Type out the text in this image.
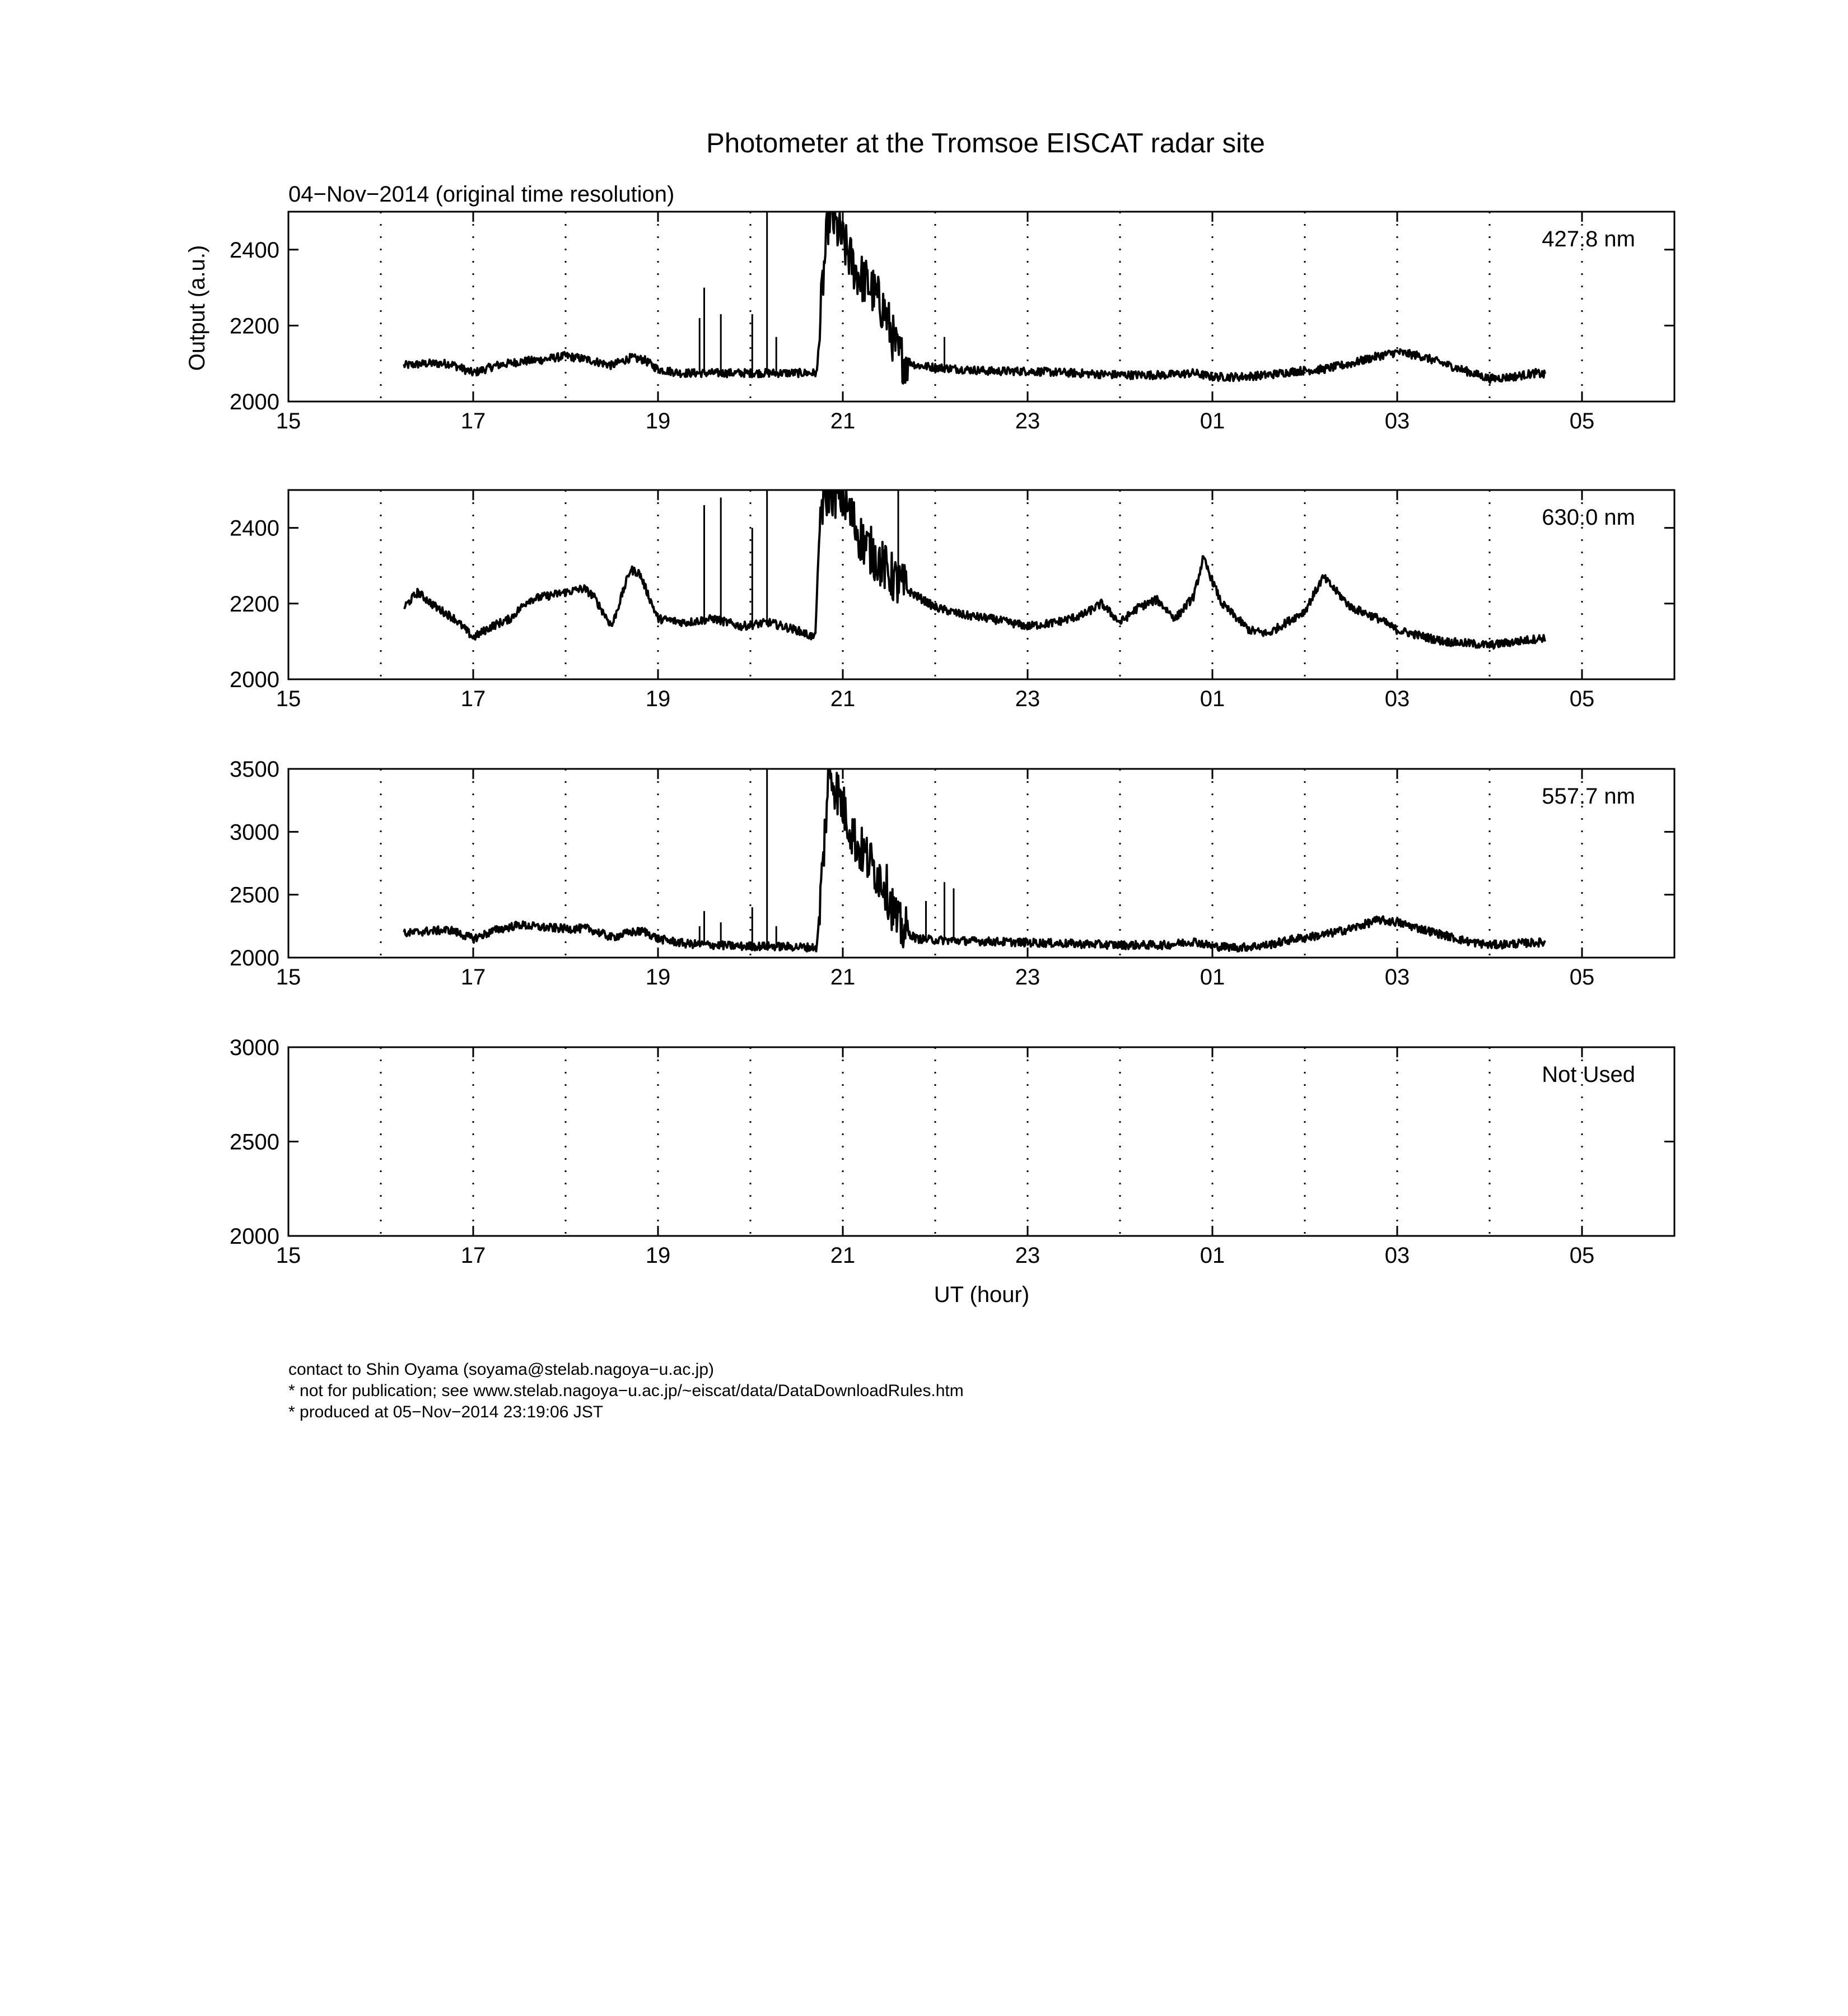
Photometer at the Tromsoe EISCAT radar site
04−Nov−2014 (original time resolution)
Output (a.u.)
15	17	19	21	23	01	03	05
2000
2200
2400	427.8 nm
15	17	19	21	23	01	03	05
2000
2200
2400	630.0 nm
15	17	19	21	23	01	03	05
2000
2500
3000
3500
557.7 nm
15	17	19	21	23	01	03	05
2000
2500
3000
Not Used
UT (hour)
contact to Shin Oyama (soyama@stelab.nagoya−u.ac.jp)
* not for publication; see www.stelab.nagoya−u.ac.jp/~eiscat/data/DataDownloadRules.htm
* produced at 05−Nov−2014 23:19:06 JST
